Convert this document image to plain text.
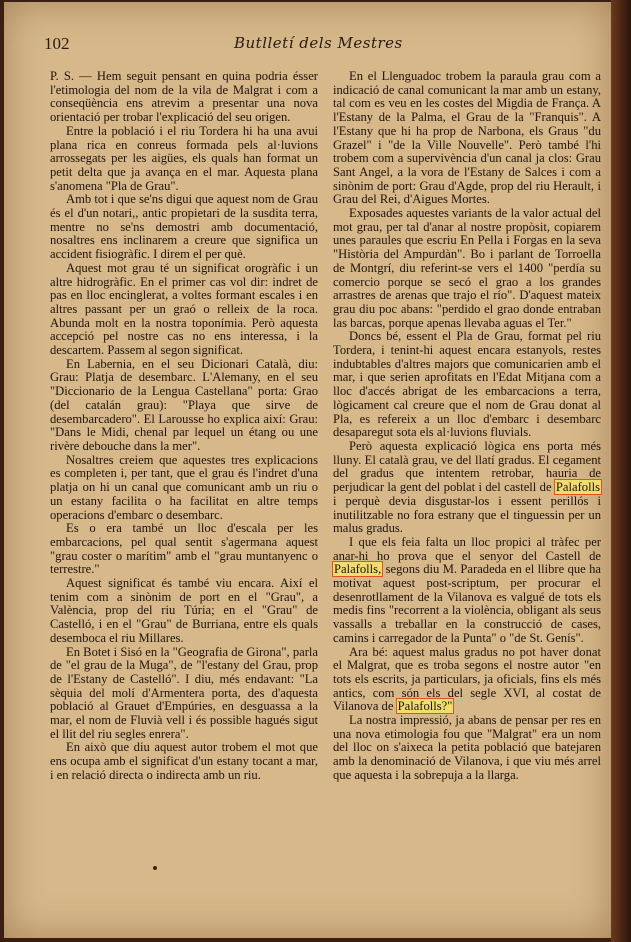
102	Butlletí dels Mestres

P. S. — Hem seguit pensant en quina podria ésser l'etimologia del nom de la vila de Malgrat i com a conseqüència ens atrevim a presentar una nova orientació per trobar l'explicació del seu origen.

Entre la població i el riu Tordera hi ha una avui plana rica en conreus formada pels al·luvions arrossegats per les aigües, els quals han format un petit delta que ja avança en el mar. Aquesta plana s'anomena "Pla de Grau".

Amb tot i que se'ns digui que aquest nom de Grau és el d'un notari,, antic propietari de la susdita terra, mentre no se'ns demostri amb documentació, nosaltres ens inclinarem a creure que significa un accident fisiogràfic. I direm el per què.

Aquest mot grau té un significat orogràfic i un altre hidrogràfic. En el primer cas vol dir: indret de pas en lloc encinglerat, a voltes formant escales i en altres passant per un graó o relleix de la roca. Abunda molt en la nostra toponímia. Però aquesta accepció pel nostre cas no ens interessa, i la descartem. Passem al segon significat.

En Labernia, en el seu Dicionari Català, diu: Grau: Platja de desembarc. L'Alemany, en el seu "Diccionario de la Lengua Castellana" porta: Grao (del catalán grau): "Playa que sirve de desembarcadero". El Larousse ho explica així: Grau: "Dans le Midi, chenal par lequel un étang ou une rivère debouche dans la mer".

Nosaltres creiem que aquestes tres explicacions es completen i, per tant, que el grau és l'indret d'una platja on hi un canal que comunicant amb un riu o un estany facilita o ha facilitat en altre temps operacions d'embarc o desembarc.

Es o era també un lloc d'escala per les embarcacions, pel qual sentit s'agermana aquest "grau coster o marítim" amb el "grau muntanyenc o terrestre."

Aquest significat és també viu encara. Així el tenim com a sinònim de port en el "Grau", a València, prop del riu Túria; en el "Grau" de Castelló, i en el "Grau" de Burriana, entre els quals desemboca el riu Millares.

En Botet i Sisó en la "Geografia de Girona", parla de "el grau de la Muga", de "l'estany del Grau, prop de l'Estany de Castelló". I diu, més endavant: "La sèquia del molí d'Armentera porta, des d'aquesta població al Grauet d'Empúries, en desguassa a la mar, el nom de Fluvià vell i és possible hagués sigut el llit del riu segles enrera".

En això que diu aquest autor trobem el mot que ens ocupa amb el significat d'un estany tocant a mar, i en relació directa o indirecta amb un riu.

En el Llenguadoc trobem la paraula grau com a indicació de canal comunicant la mar amb un estany, tal com es veu en les costes del Migdia de França. A l'Estany de la Palma, el Grau de la "Franquis". A l'Estany que hi ha prop de Narbona, els Graus "du Grazel" i "de la Ville Nouvelle". Però també l'hi trobem com a supervivència d'un canal ja clos: Grau Sant Angel, a la vora de l'Estany de Salces i com a sinònim de port: Grau d'Agde, prop del riu Herault, i Grau del Rei, d'Aigues Mortes.

Exposades aquestes variants de la valor actual del mot grau, per tal d'anar al nostre propòsit, copiarem unes paraules que escriu En Pella i Forgas en la seva "Història del Ampurdàn". Bo i parlant de Torroella de Montgrí, diu referint-se vers el 1400 "perdía su comercio porque se secó el grao a los grandes arrastres de arenas que trajo el río". D'aquest mateix grau diu poc abans: "perdido el grao donde entraban las barcas, porque apenas llevaba aguas el Ter."

Doncs bé, essent el Pla de Grau, format pel riu Tordera, i tenint-hi aquest encara estanyols, restes indubtables d'altres majors que comunicarien amb el mar, i que serien aprofitats en l'Edat Mitjana com a lloc d'accés abrigat de les embarcacions a terra, lògicament cal creure que el nom de Grau donat al Pla, es refereix a un lloc d'embarc i desembarc desaparegut sota els al·luvions fluvials.

Però aquesta explicació lògica ens porta més lluny. El català grau, ve del llatí gradus. El cegament del gradus que intentem retrobar, hauria de perjudicar la gent del poblat i del castell de Palafolls i perquè devia disgustar-los i essent perillós i inutilitzable no fora estrany que el tinguessin per un malus gradus.

I que els feia falta un lloc propici al tràfec per anar-hi ho prova que el senyor del Castell de Palafolls, segons diu M. Paradeda en el llibre que ha motivat aquest post-scriptum, per procurar el desenrotllament de la Vilanova es valgué de tots els medis fins "recorrent a la violència, obligant als seus vassalls a treballar en la construcció de cases, camins i carregador de la Punta" o "de St. Genís".

Ara bé: aquest malus gradus no pot haver donat el Malgrat, que es troba segons el nostre autor "en tots els escrits, ja particulars, ja oficials, fins els més antics, com són els del segle XVI, al costat de Vilanova de Palafolls?"

La nostra impressió, ja abans de pensar per res en una nova etimologia fou que "Malgrat" era un nom del lloc on s'aixeca la petita població que batejaren amb la denominació de Vilanova, i que viu més arrel que aquesta i la sobrepuja a la llarga.
